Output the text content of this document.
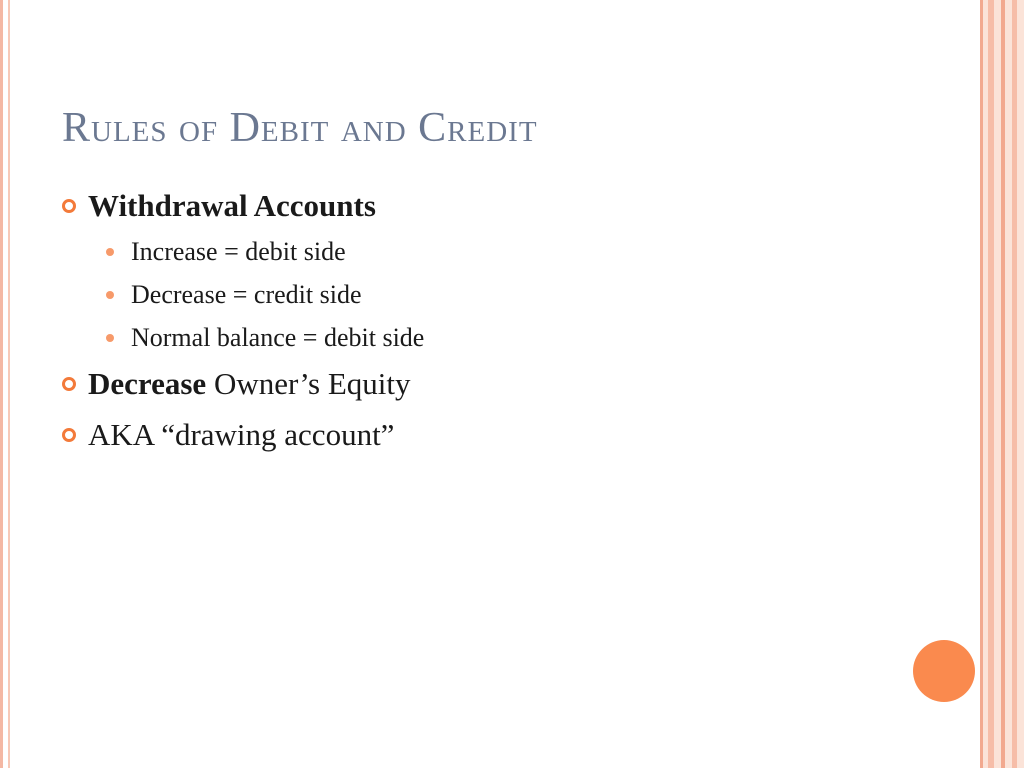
Rules of Debit and Credit
Withdrawal Accounts
Increase = debit side
Decrease = credit side
Normal balance = debit side
Decrease Owner’s Equity
AKA “drawing account”
